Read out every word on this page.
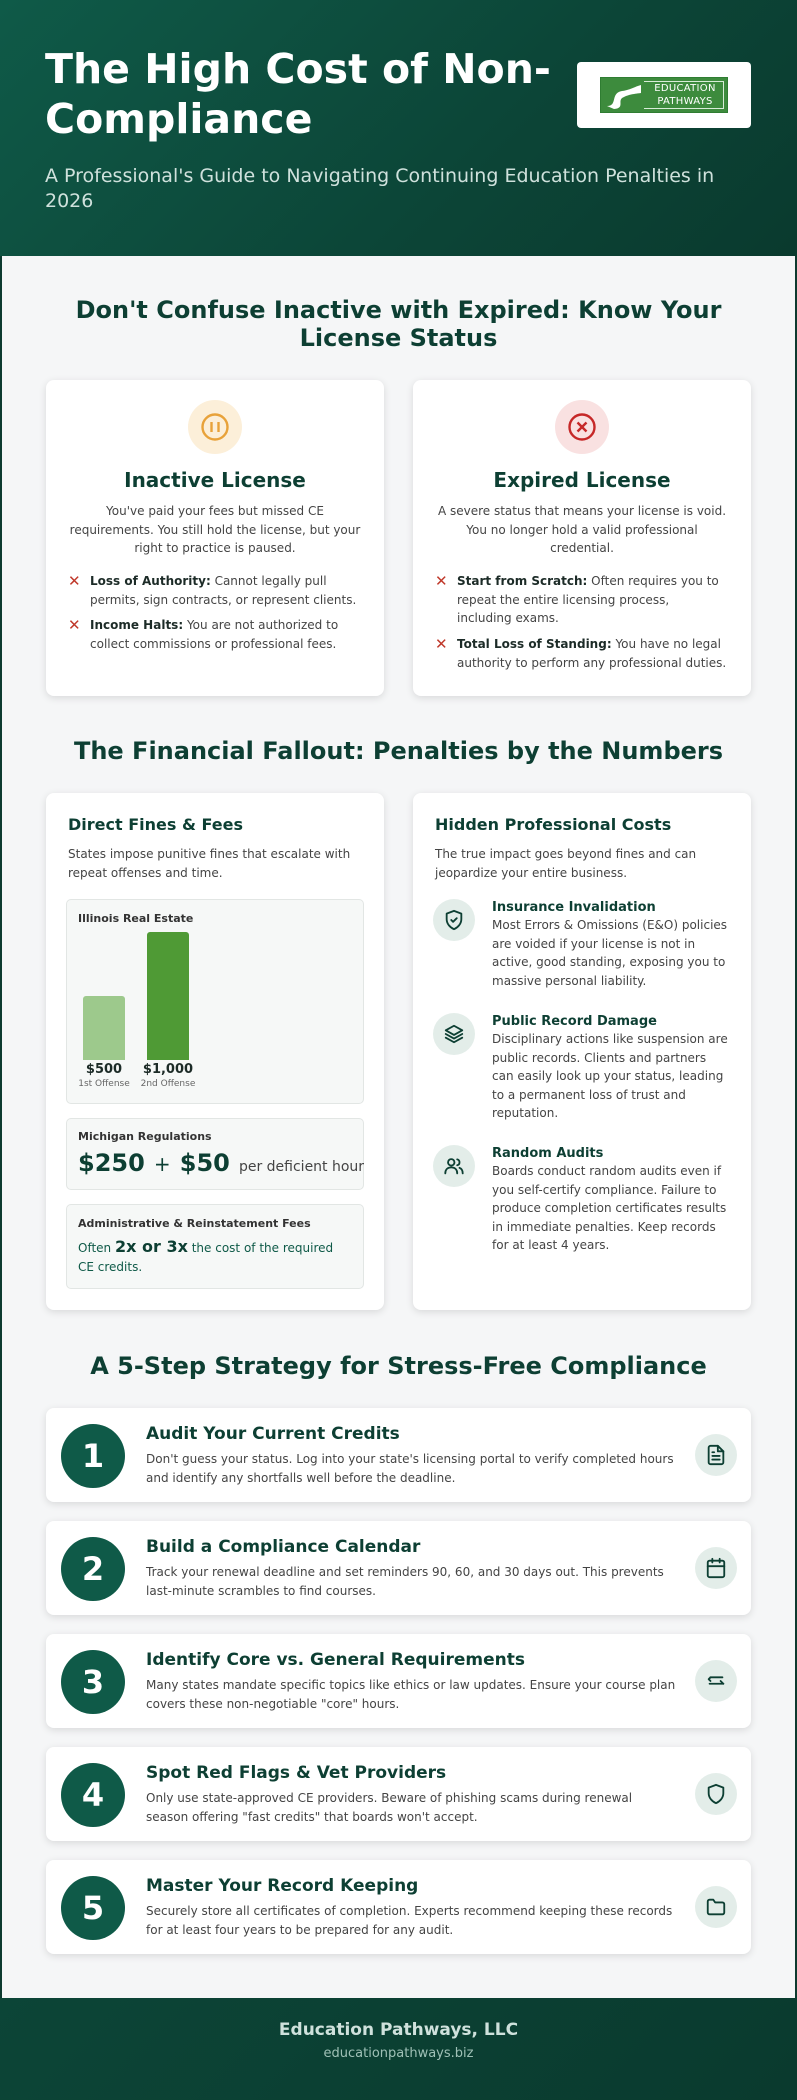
The High Cost of Non-Compliance
A Professional's Guide to Navigating Continuing Education Penalties in 2026
EDUCATION PATHWAYS
Don't Confuse Inactive with Expired: Know Your License Status
Inactive License
You've paid your fees but missed CE requirements. You still hold the license, but your right to practice is paused.
✕ Loss of Authority: Cannot legally pull permits, sign contracts, or represent clients.
✕ Income Halts: You are not authorized to collect commissions or professional fees.
Expired License
A severe status that means your license is void. You no longer hold a valid professional credential.
✕ Start from Scratch: Often requires you to repeat the entire licensing process, including exams.
✕ Total Loss of Standing: You have no legal authority to perform any professional duties.
The Financial Fallout: Penalties by the Numbers
Direct Fines & Fees
States impose punitive fines that escalate with repeat offenses and time.
Illinois Real Estate
$500
1st Offense
$1,000
2nd Offense
Michigan Regulations
$250 + $50 per deficient hour
Administrative & Reinstatement Fees
Often 2x or 3x the cost of the required CE credits.
Hidden Professional Costs
The true impact goes beyond fines and can jeopardize your entire business.
Insurance Invalidation
Most Errors & Omissions (E&O) policies are voided if your license is not in active, good standing, exposing you to massive personal liability.
Public Record Damage
Disciplinary actions like suspension are public records. Clients and partners can easily look up your status, leading to a permanent loss of trust and reputation.
Random Audits
Boards conduct random audits even if you self-certify compliance. Failure to produce completion certificates results in immediate penalties. Keep records for at least 4 years.
A 5-Step Strategy for Stress-Free Compliance
1
Audit Your Current Credits
Don't guess your status. Log into your state's licensing portal to verify completed hours and identify any shortfalls well before the deadline.
2
Build a Compliance Calendar
Track your renewal deadline and set reminders 90, 60, and 30 days out. This prevents last-minute scrambles to find courses.
3
Identify Core vs. General Requirements
Many states mandate specific topics like ethics or law updates. Ensure your course plan covers these non-negotiable "core" hours.
4
Spot Red Flags & Vet Providers
Only use state-approved CE providers. Beware of phishing scams during renewal season offering "fast credits" that boards won't accept.
5
Master Your Record Keeping
Securely store all certificates of completion. Experts recommend keeping these records for at least four years to be prepared for any audit.
Education Pathways, LLC
educationpathways.biz
